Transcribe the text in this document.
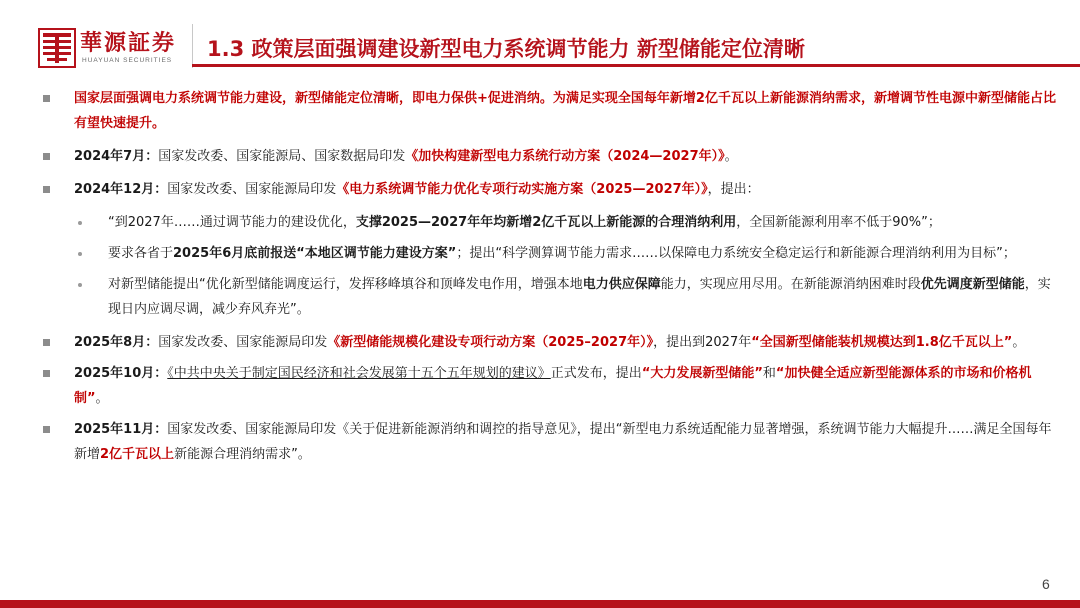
華源証券
HUAYUAN SECURITIES 1.3 政策层面强调建设新型电力系统调节能力 新型储能定位清晰
国家层面强调电力系统调节能力建设，新型储能定位清晰，即电力保供+促进消纳。为满足实现全国每年新增2亿千瓦以上新能源消纳需求，新增调节性电源中新型储能占比有望快速提升。
2024年7月：国家发改委、国家能源局、国家数据局印发《加快构建新型电力系统行动方案（2024—2027年）》。
2024年12月：国家发改委、国家能源局印发《电力系统调节能力优化专项行动实施方案（2025—2027年）》，提出：
“到2027年……通过调节能力的建设优化，支撑2025—2027年年均新增2亿千瓦以上新能源的合理消纳利用，全国新能源利用率不低于90%”；
要求各省于2025年6月底前报送“本地区调节能力建设方案”；提出“科学测算调节能力需求……以保障电力系统安全稳定运行和新能源合理消纳利用为目标”；
对新型储能提出“优化新型储能调度运行，发挥移峰填谷和顶峰发电作用，增强本地电力供应保障能力，实现应用尽用。在新能源消纳困难时段优先调度新型储能，实现日内应调尽调，减少弃风弃光”。
2025年8月：国家发改委、国家能源局印发《新型储能规模化建设专项行动方案（2025–2027年）》，提出到2027年“全国新型储能装机规模达到1.8亿千瓦以上”。
2025年10月：《中共中央关于制定国民经济和社会发展第十五个五年规划的建议》正式发布，提出“大力发展新型储能”和“加快健全适应新型能源体系的市场和价格机制”。
2025年11月：国家发改委、国家能源局印发《关于促进新能源消纳和调控的指导意见》，提出“新型电力系统适配能力显著增强，系统调节能力大幅提升……满足全国每年新增2亿千瓦以上新能源合理消纳需求”。
6
